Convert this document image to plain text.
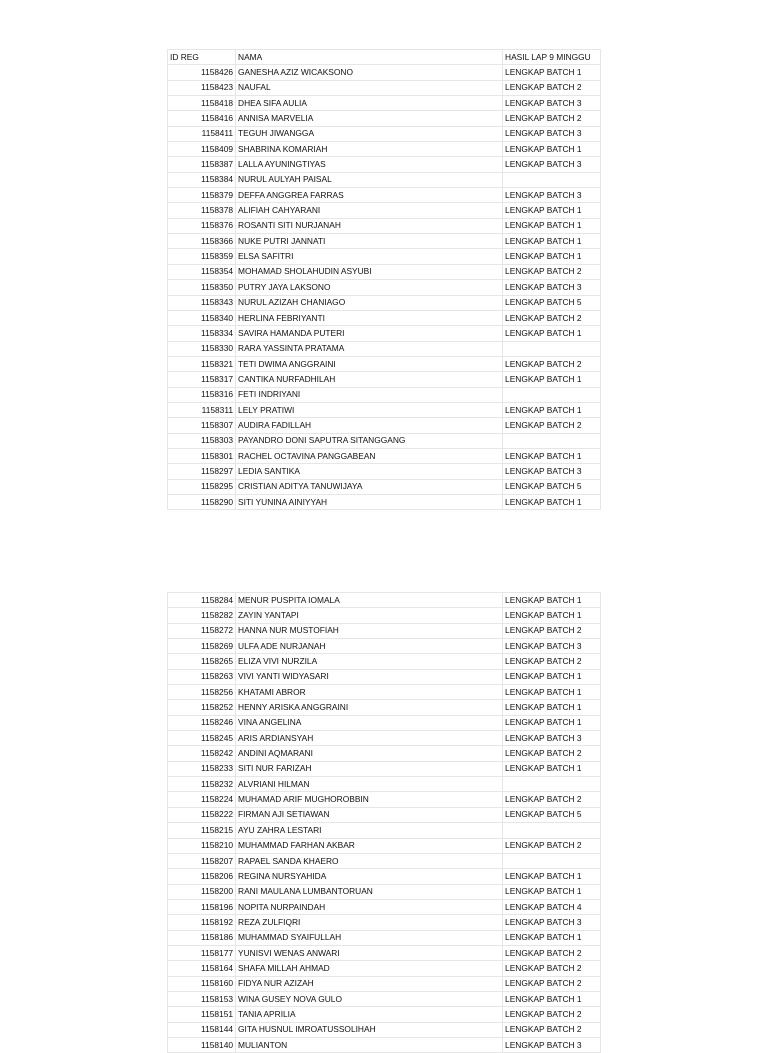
ID REG	NAMA	HASIL LAP 9 MINGGU
1158426	GANESHA AZIZ WICAKSONO	LENGKAP BATCH 1
1158423	NAUFAL	LENGKAP BATCH 2
1158418	DHEA SIFA AULIA	LENGKAP BATCH 3
1158416	ANNISA MARVELIA	LENGKAP BATCH 2
1158411	TEGUH JIWANGGA	LENGKAP BATCH 3
1158409	SHABRINA KOMARIAH	LENGKAP BATCH 1
1158387	LALLA AYUNINGTIYAS	LENGKAP BATCH 3
1158384	NURUL AULYAH PAISAL	
1158379	DEFFA ANGGREA FARRAS	LENGKAP BATCH 3
1158378	ALIFIAH CAHYARANI	LENGKAP BATCH 1
1158376	ROSANTI SITI NURJANAH	LENGKAP BATCH 1
1158366	NUKE PUTRI JANNATI	LENGKAP BATCH 1
1158359	ELSA SAFITRI	LENGKAP BATCH 1
1158354	MOHAMAD SHOLAHUDIN ASYUBI	LENGKAP BATCH 2
1158350	PUTRY JAYA LAKSONO	LENGKAP BATCH 3
1158343	NURUL AZIZAH CHANIAGO	LENGKAP BATCH 5
1158340	HERLINA FEBRIYANTI	LENGKAP BATCH 2
1158334	SAVIRA HAMANDA PUTERI	LENGKAP BATCH 1
1158330	RARA YASSINTA PRATAMA	
1158321	TETI DWIMA ANGGRAINI	LENGKAP BATCH 2
1158317	CANTIKA NURFADHILAH	LENGKAP BATCH 1
1158316	FETI INDRIYANI	
1158311	LELY PRATIWI	LENGKAP BATCH 1
1158307	AUDIRA FADILLAH	LENGKAP BATCH 2
1158303	PAYANDRO DONI SAPUTRA SITANGGANG	
1158301	RACHEL OCTAVINA PANGGABEAN	LENGKAP BATCH 1
1158297	LEDIA SANTIKA	LENGKAP BATCH 3
1158295	CRISTIAN ADITYA TANUWIJAYA	LENGKAP BATCH 5
1158290	SITI YUNINA AINIYYAH	LENGKAP BATCH 1
1158284	MENUR PUSPITA IOMALA	LENGKAP BATCH 1
1158282	ZAYIN YANTAPI	LENGKAP BATCH 1
1158272	HANNA NUR MUSTOFIAH	LENGKAP BATCH 2
1158269	ULFA ADE NURJANAH	LENGKAP BATCH 3
1158265	ELIZA VIVI NURZILA	LENGKAP BATCH 2
1158263	VIVI YANTI WIDYASARI	LENGKAP BATCH 1
1158256	KHATAMI ABROR	LENGKAP BATCH 1
1158252	HENNY ARISKA ANGGRAINI	LENGKAP BATCH 1
1158246	VINA ANGELINA	LENGKAP BATCH 1
1158245	ARIS ARDIANSYAH	LENGKAP BATCH 3
1158242	ANDINI AQMARANI	LENGKAP BATCH 2
1158233	SITI NUR FARIZAH	LENGKAP BATCH 1
1158232	ALVRIANI HILMAN	
1158224	MUHAMAD ARIF MUGHOROBBIN	LENGKAP BATCH 2
1158222	FIRMAN AJI SETIAWAN	LENGKAP BATCH 5
1158215	AYU ZAHRA LESTARI	
1158210	MUHAMMAD FARHAN AKBAR	LENGKAP BATCH 2
1158207	RAPAEL SANDA KHAERO	
1158206	REGINA NURSYAHIDA	LENGKAP BATCH 1
1158200	RANI MAULANA LUMBANTORUAN	LENGKAP BATCH 1
1158196	NOPITA NURPAINDAH	LENGKAP BATCH 4
1158192	REZA ZULFIQRI	LENGKAP BATCH 3
1158186	MUHAMMAD SYAIFULLAH	LENGKAP BATCH 1
1158177	YUNISVI WENAS ANWARI	LENGKAP BATCH 2
1158164	SHAFA MILLAH AHMAD	LENGKAP BATCH 2
1158160	FIDYA NUR AZIZAH	LENGKAP BATCH 2
1158153	WINA GUSEY NOVA GULO	LENGKAP BATCH 1
1158151	TANIA APRILIA	LENGKAP BATCH 2
1158144	GITA HUSNUL IMROATUSSOLIHAH	LENGKAP BATCH 2
1158140	MULIANTON	LENGKAP BATCH 3
